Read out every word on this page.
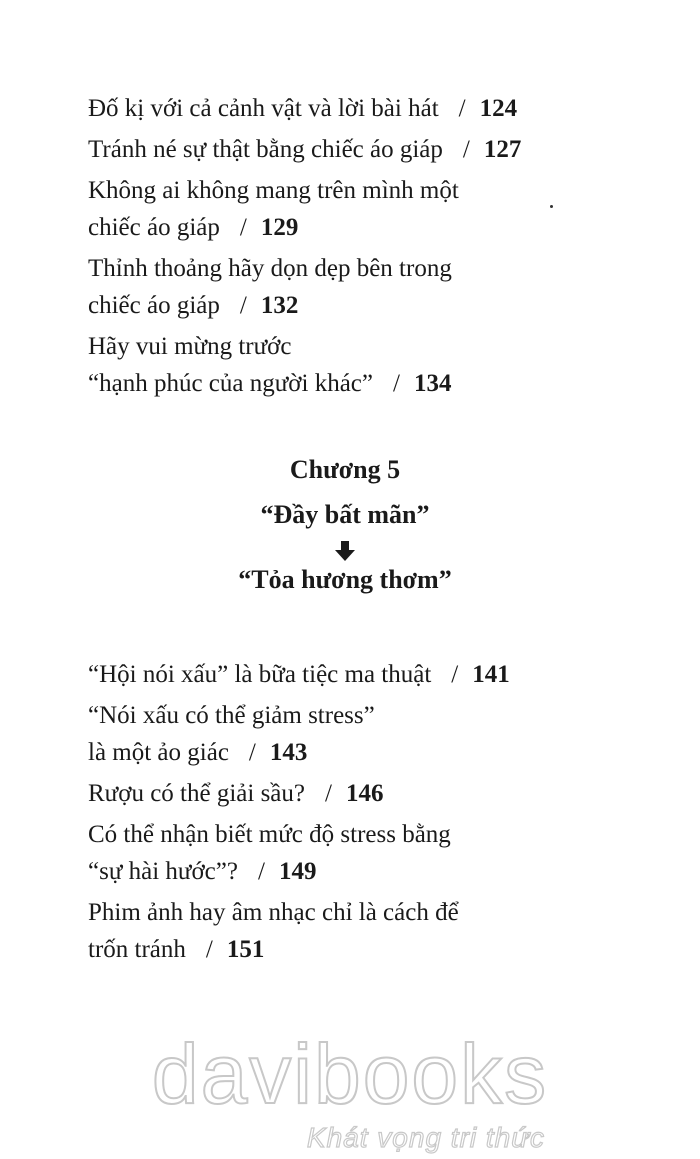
Đố kị với cả cảnh vật và lời bài hát / 124
Tránh né sự thật bằng chiếc áo giáp / 127
Không ai không mang trên mình một
chiếc áo giáp / 129
Thỉnh thoảng hãy dọn dẹp bên trong
chiếc áo giáp / 132
Hãy vui mừng trước
“hạnh phúc của người khác” / 134
Chương 5
“Đầy bất mãn”
“Tỏa hương thơm”
“Hội nói xấu” là bữa tiệc ma thuật / 141
“Nói xấu có thể giảm stress”
là một ảo giác / 143
Rượu có thể giải sầu? / 146
Có thể nhận biết mức độ stress bằng
“sự hài hước”? / 149
Phim ảnh hay âm nhạc chỉ là cách để
trốn tránh / 151
davibooks
Khát vọng tri thức
